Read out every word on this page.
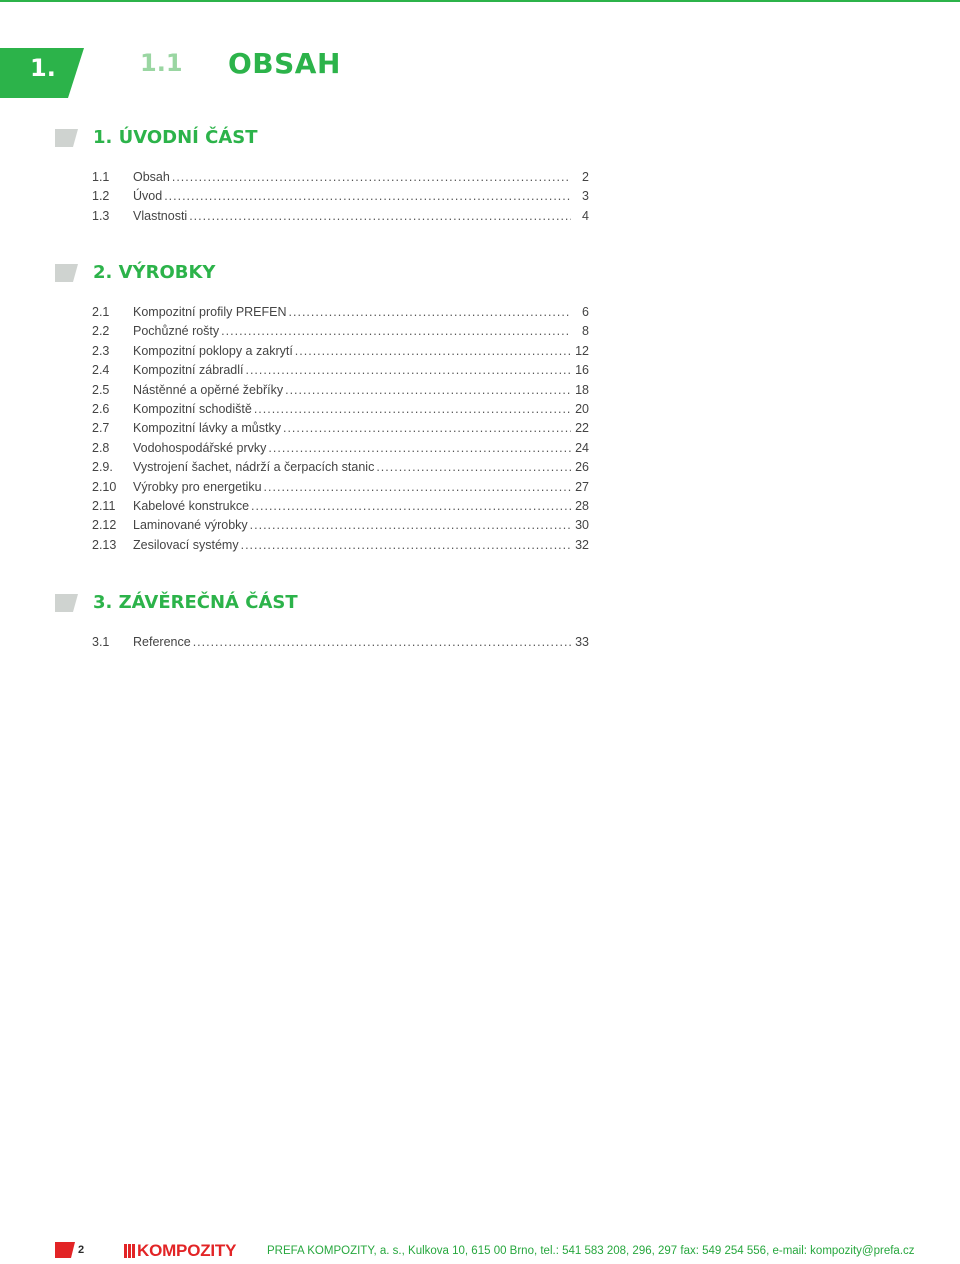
1.	1.1 OBSAH
1. ÚVODNÍ ČÁST
1.1	Obsah .....	2
1.2	Úvod .....	3
1.3	Vlastnosti .....	4
2. VÝROBKY
2.1	Kompozitní profily PREFEN .....	6
2.2	Pochůzné rošty .....	8
2.3	Kompozitní poklopy a zakrytí .....	12
2.4	Kompozitní zábradlí .....	16
2.5	Nástěnné a opěrné žebříky .....	18
2.6	Kompozitní schodiště .....	20
2.7	Kompozitní lávky a můstky .....	22
2.8	Vodohospodářské prvky .....	24
2.9.	Vystrojení šachet, nádrží a čerpacích stanic .....	26
2.10	Výrobky pro energetiku .....	27
2.11	Kabelové konstrukce .....	28
2.12	Laminované výrobky .....	30
2.13	Zesilovací systémy .....	32
3. ZÁVĚREČNÁ ČÁST
3.1	Reference .....	33
2	KOMPOZITY	PREFA KOMPOZITY, a. s., Kulkova 10, 615 00 Brno, tel.: 541 583 208, 296, 297 fax: 549 254 556, e-mail: kompozity@prefa.cz
